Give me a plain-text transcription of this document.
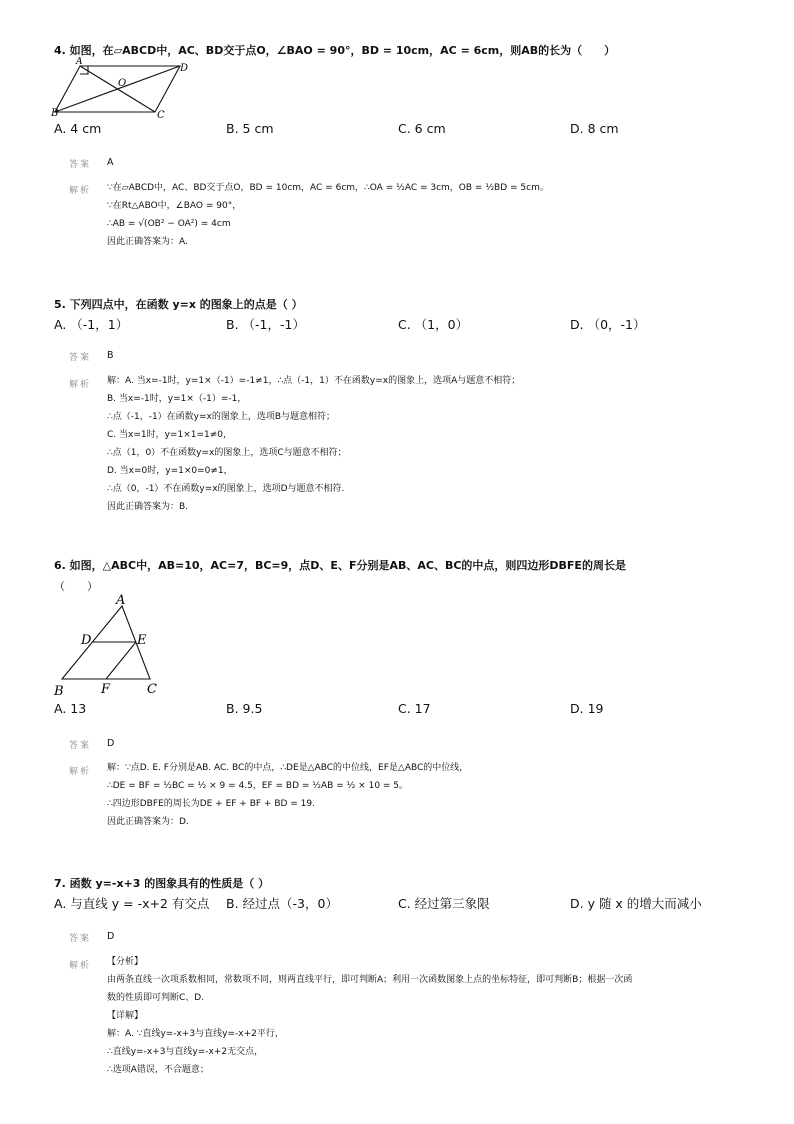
4. 如图，在▱ABCD中，AC、BD交于点O，∠BAO = 90°，BD = 10cm，AC = 6cm，则AB的长为（　　）
A
D
B	C
O
A. 4 cm	B. 5 cm	C. 6 cm	D. 8 cm
答案 A
解析 ∵在▱ABCD中，AC、BD交于点O，BD = 10cm，AC = 6cm，∴OA = ½AC = 3cm，OB = ½BD = 5cm。
∵在Rt△ABO中，∠BAO = 90°，
∴AB = √(OB² − OA²) = 4cm
因此正确答案为：A.
5. 下列四点中，在函数 y=x 的图象上的点是（ ）
A. （-1，1）	B. （-1，-1）	C. （1，0）	D. （0，-1）
答案 B
解析 解：A. 当x=-1时，y=1×（-1）=-1≠1，∴点（-1，1）不在函数y=x的图象上，选项A与题意不相符；
B. 当x=-1时，y=1×（-1）=-1，
∴点（-1，-1）在函数y=x的图象上，选项B与题意相符；
C. 当x=1时，y=1×1=1≠0，
∴点（1，0）不在函数y=x的图象上，选项C与题意不相符；
D. 当x=0时，y=1×0=0≠1，
∴点（0，-1）不在函数y=x的图象上，选项D与题意不相符.
因此正确答案为：B.
6. 如图，△ABC中，AB=10，AC=7，BC=9，点D、E、F分别是AB、AC、BC的中点，则四边形DBFE的周长是
（　　）
A
D	E
B	F	C
A. 13	B. 9.5	C. 17	D. 19
答案 D
解析 解：∵点D. E. F分别是AB. AC. BC的中点，∴DE是△ABC的中位线，EF是△ABC的中位线，
∴DE = BF = ½BC = ½ × 9 = 4.5，EF = BD = ½AB = ½ × 10 = 5。
∴四边形DBFE的周长为DE + EF + BF + BD = 19.
因此正确答案为：D.
7. 函数 y=-x+3 的图象具有的性质是（ ）
A. 与直线 y = -x+2 有交点 B. 经过点（-3，0）	C. 经过第三象限	D. y 随 x 的增大而减小
答案 D
解析 【分析】
由两条直线一次项系数相同，常数项不同，则两直线平行，即可判断A；利用一次函数图象上点的坐标特征，即可判断B；根据一次函
数的性质即可判断C、D.
【详解】
解：A. ∵直线y=-x+3与直线y=-x+2平行，
∴直线y=-x+3与直线y=-x+2无交点，
∴选项A错误，不合题意；
